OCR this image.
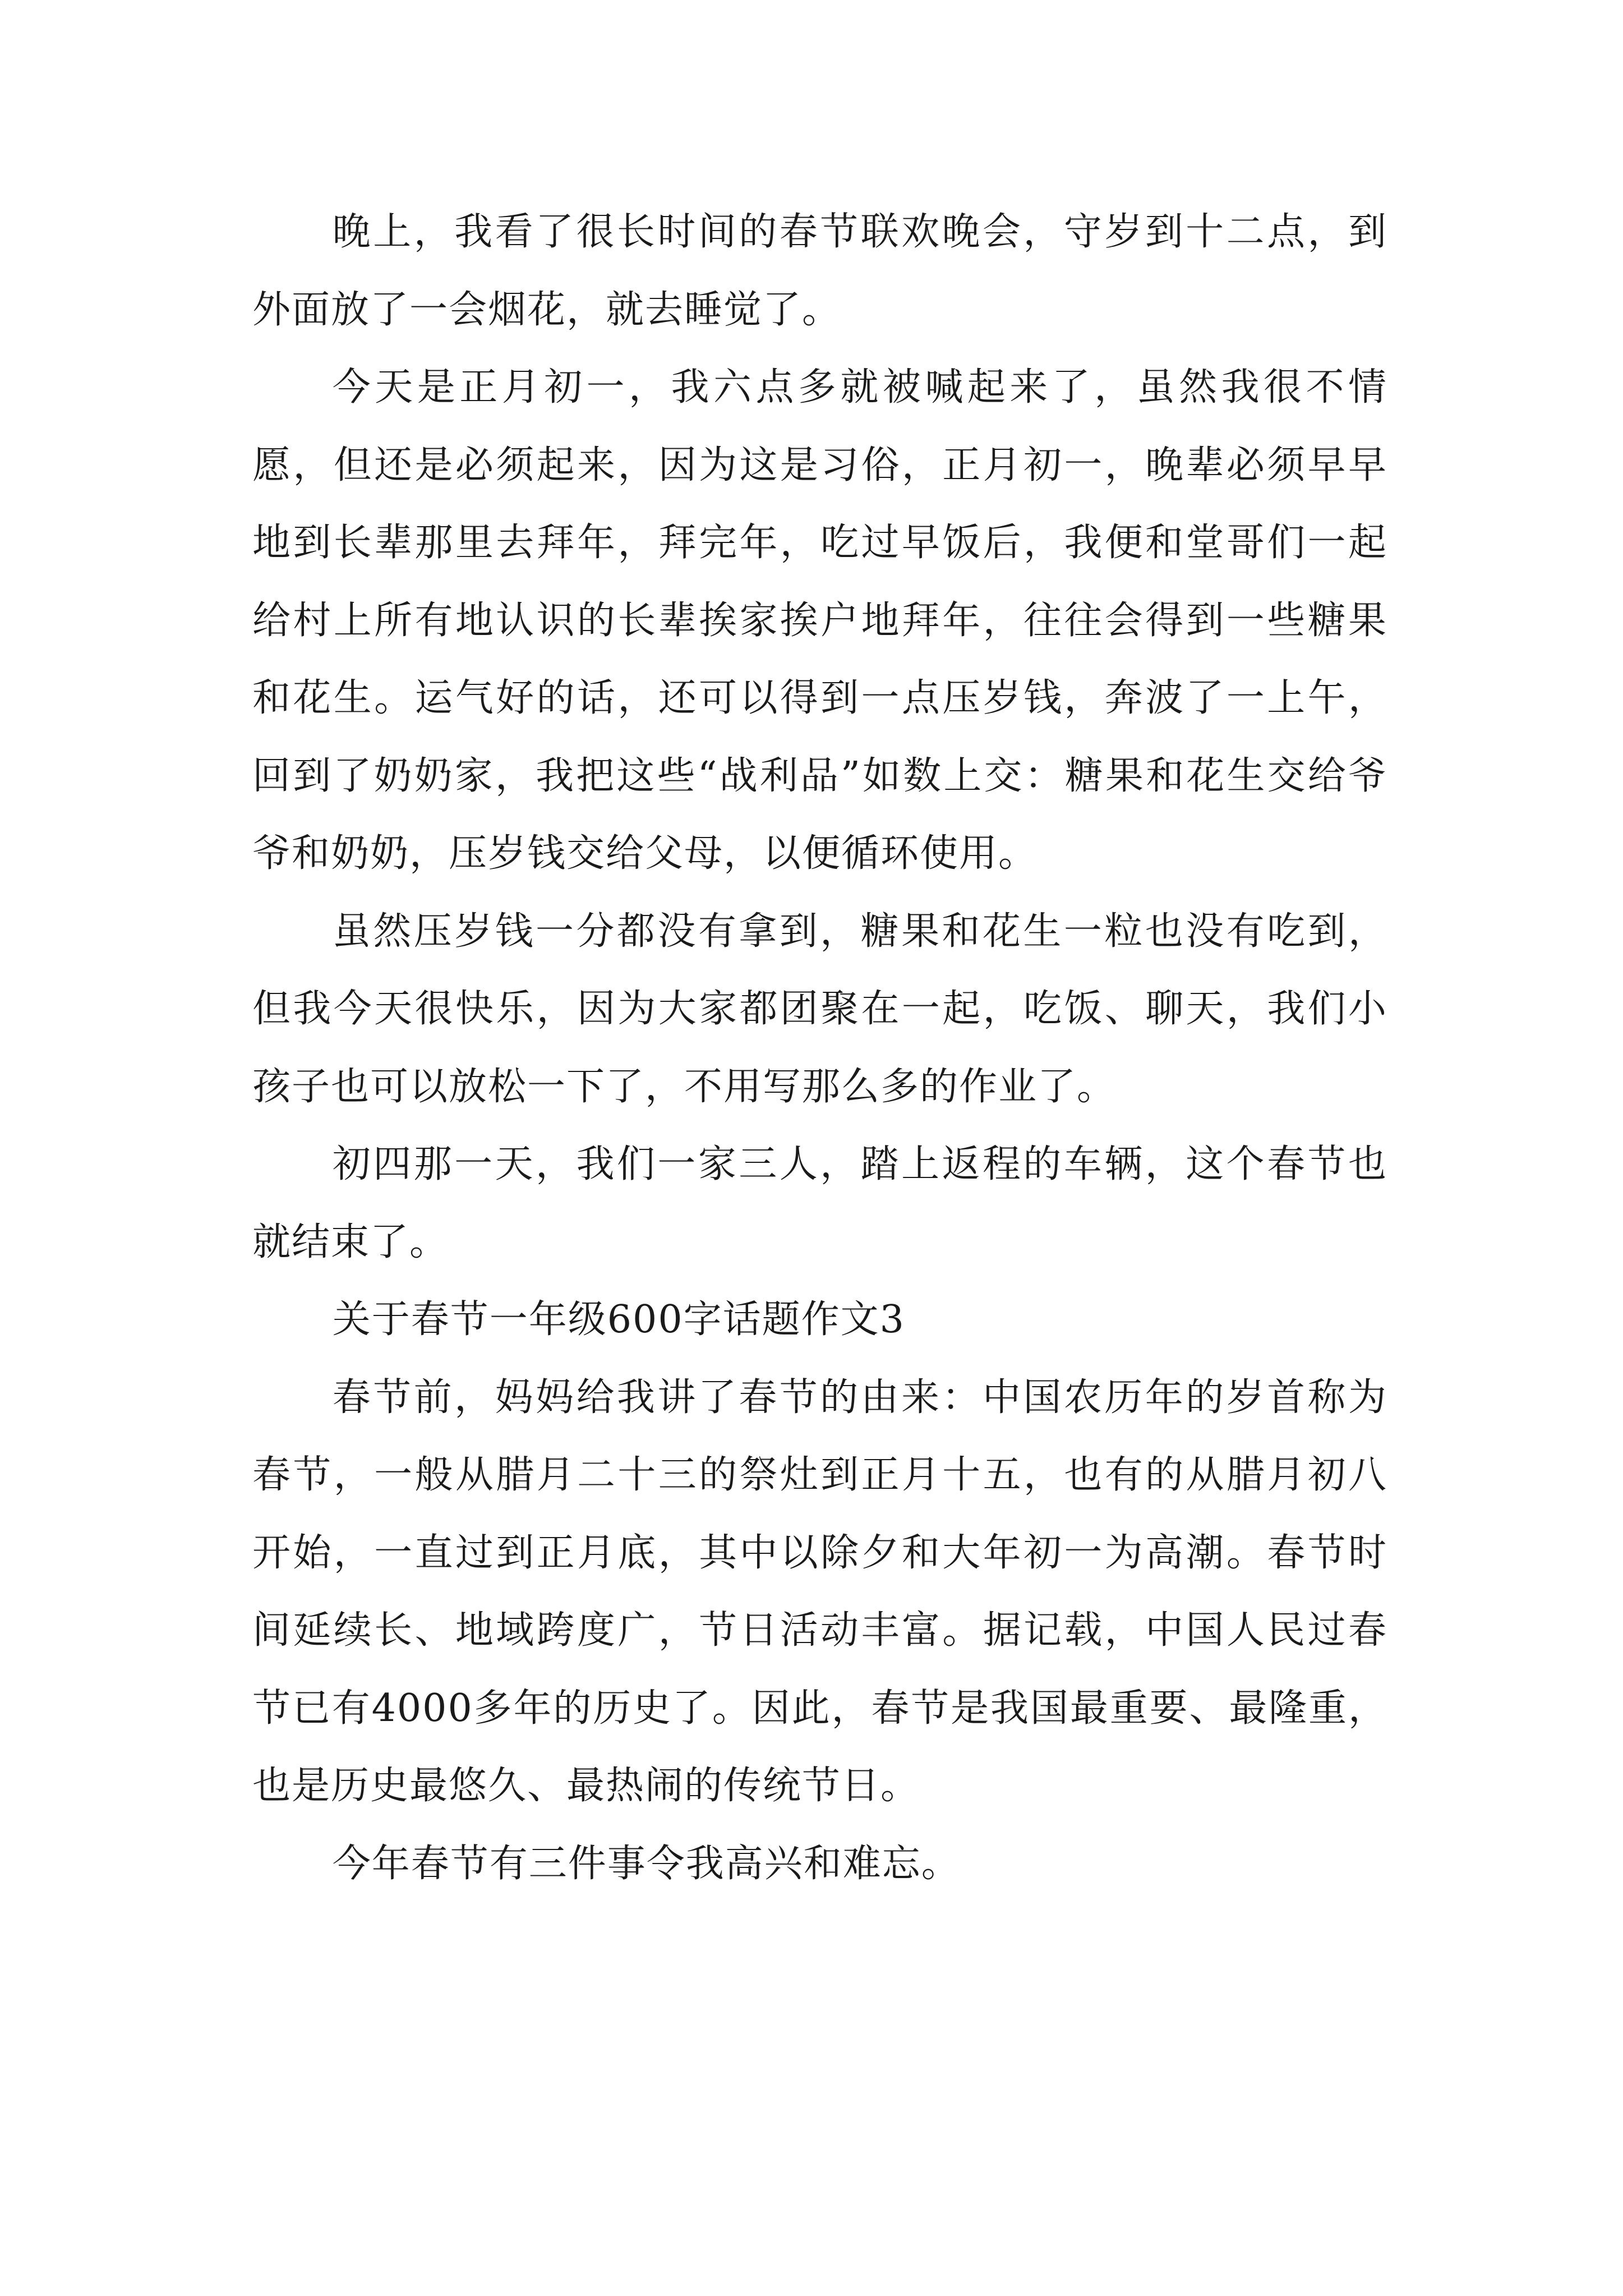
晚上，我看了很长时间的春节联欢晚会，守岁到十二点，到外面放了一会烟花，就去睡觉了。

今天是正月初一，我六点多就被喊起来了，虽然我很不情愿，但还是必须起来，因为这是习俗，正月初一，晚辈必须早早地到长辈那里去拜年，拜完年，吃过早饭后，我便和堂哥们一起给村上所有地认识的长辈挨家挨户地拜年，往往会得到一些糖果和花生。运气好的话，还可以得到一点压岁钱，奔波了一上午，回到了奶奶家，我把这些“战利品”如数上交：糖果和花生交给爷爷和奶奶，压岁钱交给父母，以便循环使用。

虽然压岁钱一分都没有拿到，糖果和花生一粒也没有吃到，但我今天很快乐，因为大家都团聚在一起，吃饭、聊天，我们小孩子也可以放松一下了，不用写那么多的作业了。

初四那一天，我们一家三人，踏上返程的车辆，这个春节也就结束了。

关于春节一年级600字话题作文3

春节前，妈妈给我讲了春节的由来：中国农历年的岁首称为春节，一般从腊月二十三的祭灶到正月十五，也有的从腊月初八开始，一直过到正月底，其中以除夕和大年初一为高潮。春节时间延续长、地域跨度广，节日活动丰富。据记载，中国人民过春节已有4000多年的历史了。因此，春节是我国最重要、最隆重，也是历史最悠久、最热闹的传统节日。

今年春节有三件事令我高兴和难忘。
